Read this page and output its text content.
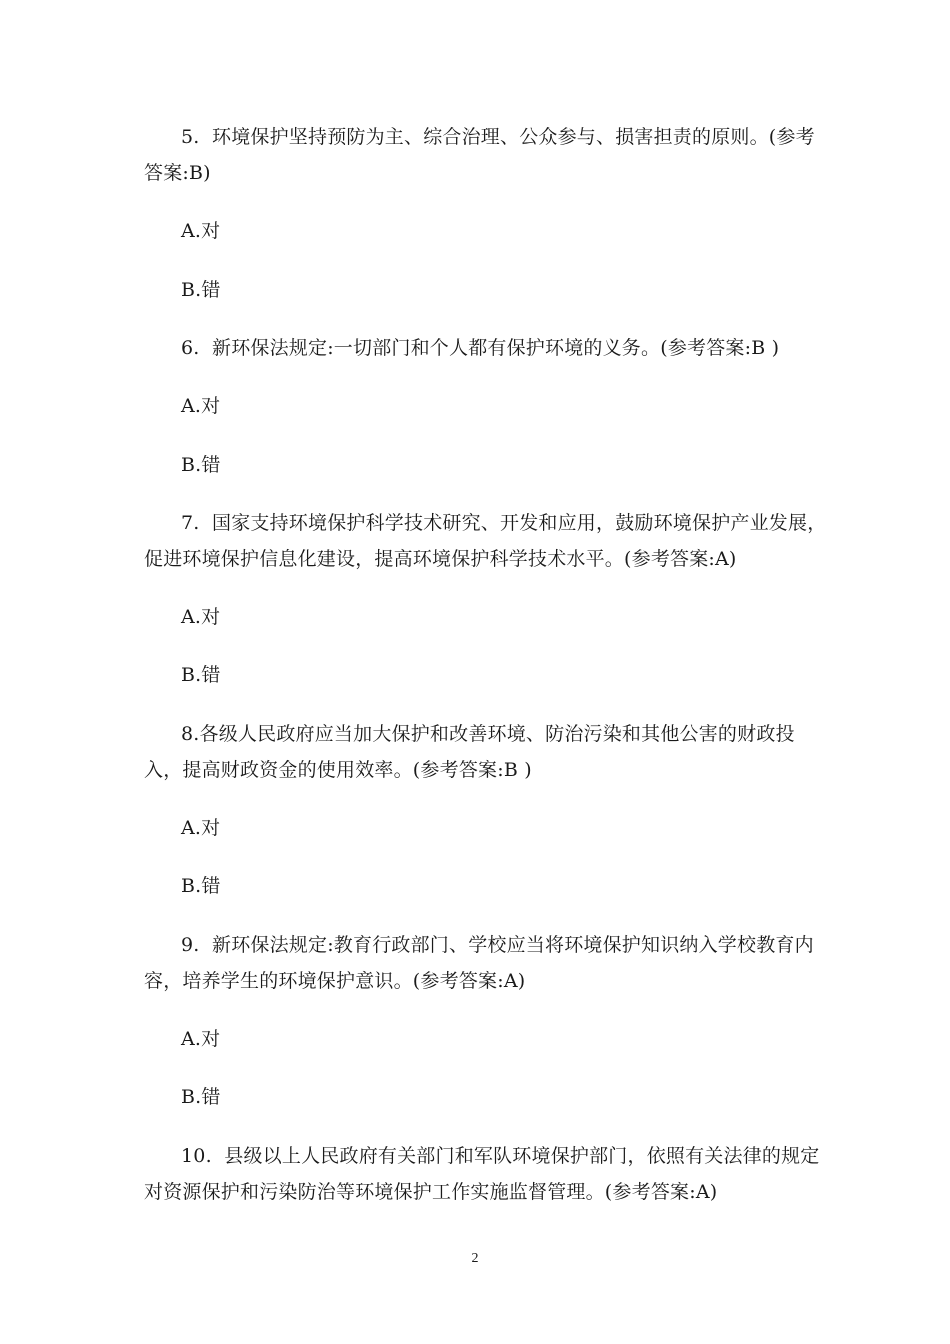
5.  环境保护坚持预防为主、综合治理、公众参与、损害担责的原则。(参考
答案:B)
A.对
B.错
6.  新环保法规定:一切部门和个人都有保护环境的义务。(参考答案:B )
A.对
B.错
7.  国家支持环境保护科学技术研究、开发和应用，鼓励环境保护产业发展，
促进环境保护信息化建设，提高环境保护科学技术水平。(参考答案:A)
A.对
B.错
8.各级人民政府应当加大保护和改善环境、防治污染和其他公害的财政投
入，提高财政资金的使用效率。(参考答案:B )
A.对
B.错
9.  新环保法规定:教育行政部门、学校应当将环境保护知识纳入学校教育内
容，培养学生的环境保护意识。(参考答案:A)
A.对
B.错
10.  县级以上人民政府有关部门和军队环境保护部门，依照有关法律的规定
对资源保护和污染防治等环境保护工作实施监督管理。(参考答案:A)
2
